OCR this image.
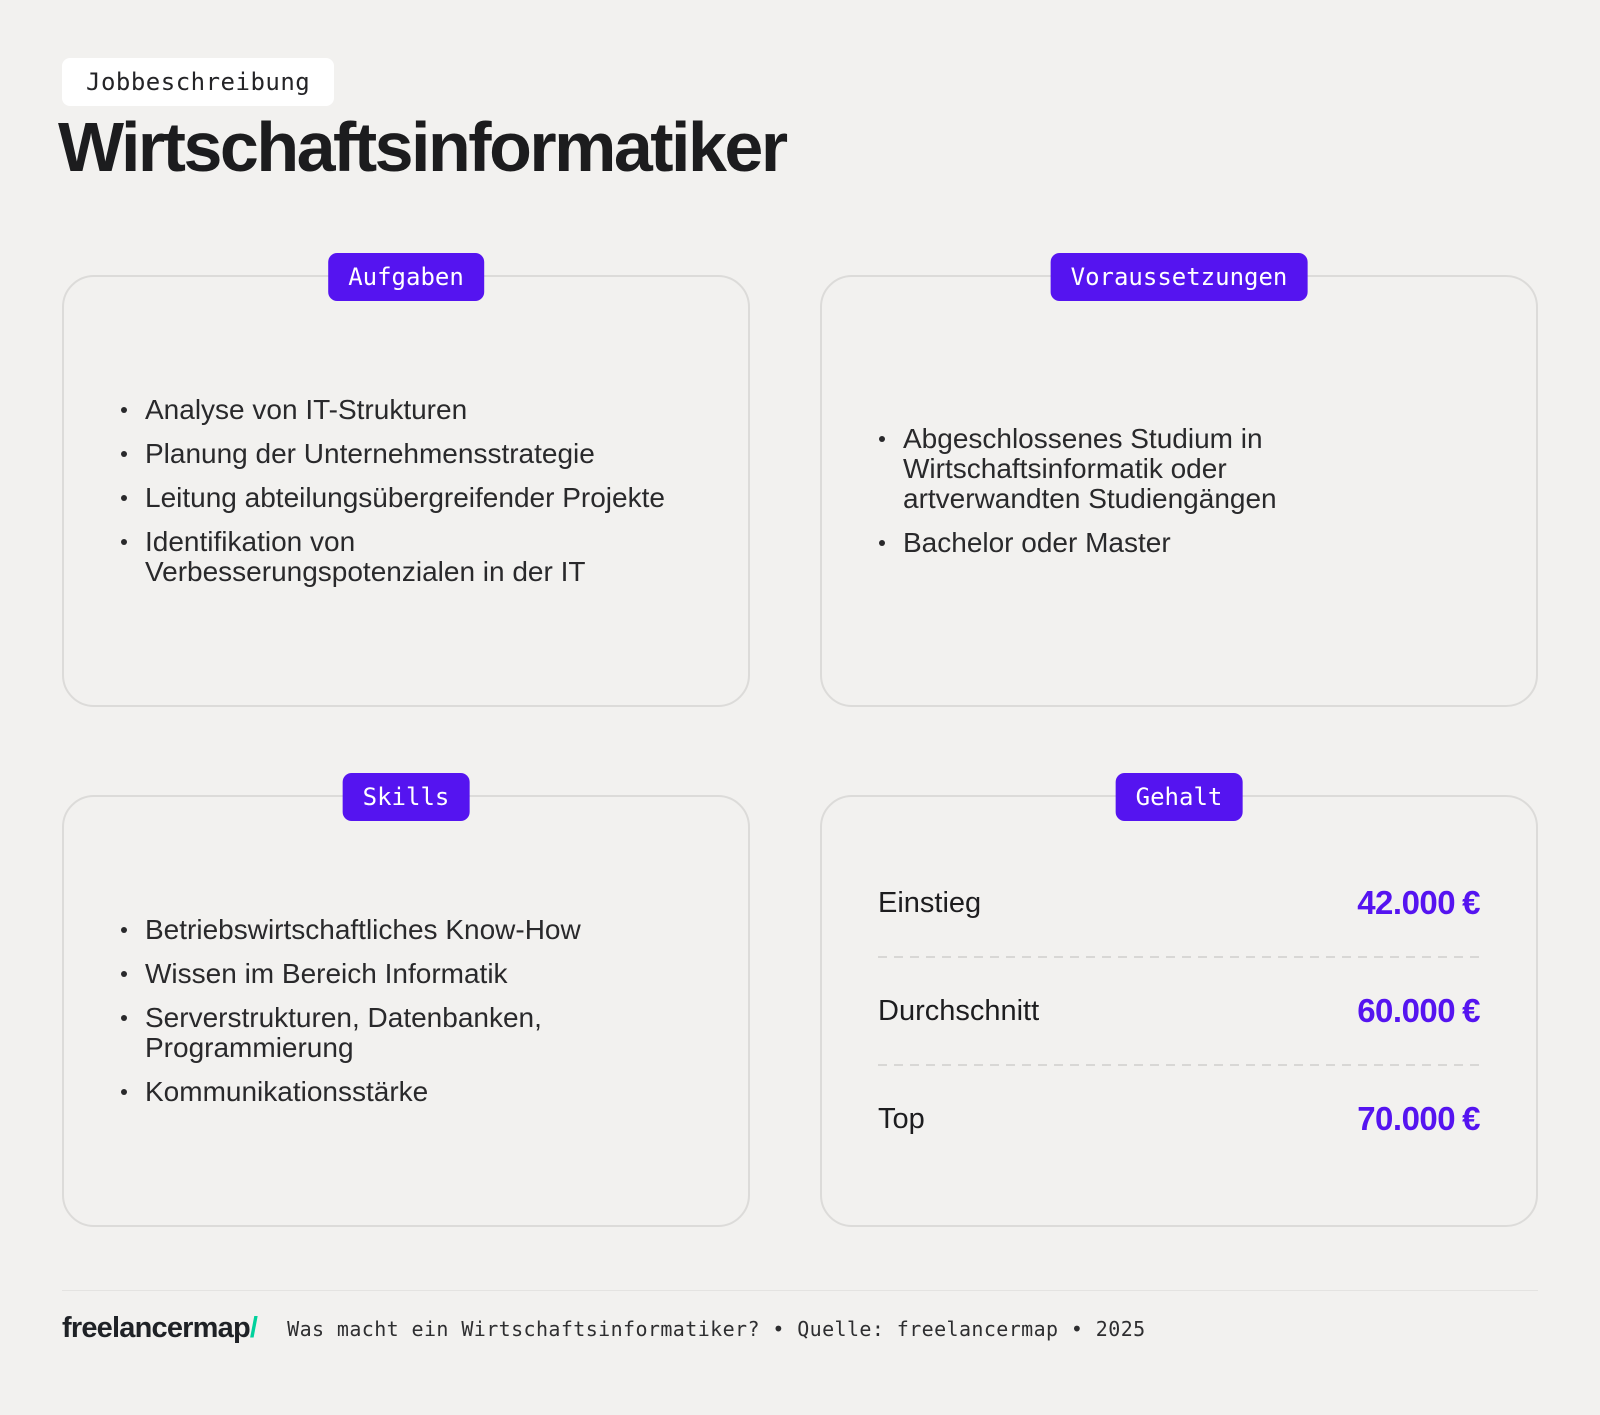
Jobbeschreibung
Wirtschaftsinformatiker
Aufgaben
Analyse von IT-Strukturen
Planung der Unternehmensstrategie
Leitung abteilungsübergreifender Projekte
Identifikation von Verbesserungspotenzialen in der IT
Voraussetzungen
Abgeschlossenes Studium in Wirtschaftsinformatik oder artverwandten Studiengängen
Bachelor oder Master
Skills
Betriebswirtschaftliches Know-How
Wissen im Bereich Informatik
Serverstrukturen, Datenbanken, Programmierung
Kommunikationsstärke
Gehalt
Einstieg	42.000 €
Durchschnitt	60.000 €
Top	70.000 €
freelancermap/ Was macht ein Wirtschaftsinformatiker? • Quelle: freelancermap • 2025
